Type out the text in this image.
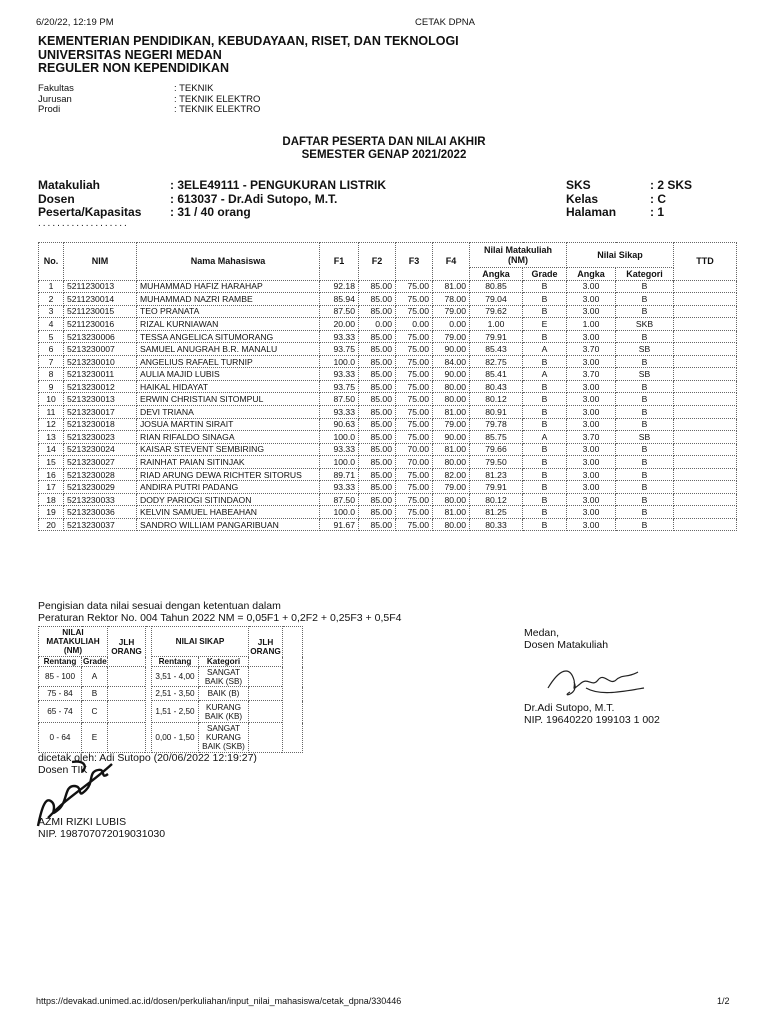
6/20/22, 12:19 PM	CETAK DPNA
KEMENTERIAN PENDIDIKAN, KEBUDAYAAN, RISET, DAN TEKNOLOGI
UNIVERSITAS NEGERI MEDAN
REGULER NON KEPENDIDIKAN
Fakultas	: TEKNIK
Jurusan	: TEKNIK ELEKTRO
Prodi	: TEKNIK ELEKTRO
DAFTAR PESERTA DAN NILAI AKHIR
SEMESTER GENAP 2021/2022
Matakuliah	: 3ELE49111 - PENGUKURAN LISTRIK
Dosen	: 613037 - Dr.Adi Sutopo, M.T.
Peserta/Kapasitas	: 31 / 40 orang
SKS	: 2 SKS
Kelas	: C
Halaman	: 1
...................
No.	NIM	Nama Mahasiswa	F1	F2	F3	F4	Nilai Matakuliah (NM)		Nilai Sikap		TTD
							Angka	Grade	Angka	Kategori	
1	5211230013	MUHAMMAD HAFIZ HARAHAP	92.18	85.00	75.00	81.00	80.85	B	3.00	B	
2	5211230014	MUHAMMAD NAZRI RAMBE	85.94	85.00	75.00	78.00	79.04	B	3.00	B	
3	5211230015	TEO PRANATA	87.50	85.00	75.00	79.00	79.62	B	3.00	B	
4	5211230016	RIZAL KURNIAWAN	20.00	0.00	0.00	0.00	1.00	E	1.00	SKB	
5	5213230006	TESSA ANGELICA SITUMORANG	93.33	85.00	75.00	79.00	79.91	B	3.00	B	
6	5213230007	SAMUEL ANUGRAH B.R. MANALU	93.75	85.00	75.00	90.00	85.43	A	3.70	SB	
7	5213230010	ANGELIUS RAFAEL TURNIP	100.0	85.00	75.00	84.00	82.75	B	3.00	B	
8	5213230011	AULIA MAJID LUBIS	93.33	85.00	75.00	90.00	85.41	A	3.70	SB	
9	5213230012	HAIKAL HIDAYAT	93.75	85.00	75.00	80.00	80.43	B	3.00	B	
10	5213230013	ERWIN CHRISTIAN SITOMPUL	87.50	85.00	75.00	80.00	80.12	B	3.00	B	
11	5213230017	DEVI TRIANA	93.33	85.00	75.00	81.00	80.91	B	3.00	B	
12	5213230018	JOSUA MARTIN SIRAIT	90.63	85.00	75.00	79.00	79.78	B	3.00	B	
13	5213230023	RIAN RIFALDO SINAGA	100.0	85.00	75.00	90.00	85.75	A	3.70	SB	
14	5213230024	KAISAR STEVENT SEMBIRING	93.33	85.00	70.00	81.00	79.66	B	3.00	B	
15	5213230027	RAINHAT PAIAN SITINJAK	100.0	85.00	70.00	80.00	79.50	B	3.00	B	
16	5213230028	RIAD ARUNG DEWA RICHTER SITORUS	89.71	85.00	75.00	82.00	81.23	B	3.00	B	
17	5213230029	ANDIRA PUTRI PADANG	93.33	85.00	75.00	79.00	79.91	B	3.00	B	
18	5213230033	DODY PARIOGI SITINDAON	87.50	85.00	75.00	80.00	80.12	B	3.00	B	
19	5213230036	KELVIN SAMUEL HABEAHAN	100.0	85.00	75.00	81.00	81.25	B	3.00	B	
20	5213230037	SANDRO WILLIAM PANGARIBUAN	91.67	85.00	75.00	80.00	80.33	B	3.00	B	
Pengisian data nilai sesuai dengan ketentuan dalam
Peraturan Rektor No. 004 Tahun 2022 NM = 0,05F1 + 0,2F2 + 0,25F3 + 0,5F4
NILAI MATAKULIAH (NM)		JLH ORANG		NILAI SIKAP		JLH ORANG	
Rentang	Grade			Rentang	Kategori		
85 - 100	A			3,51 - 4,00	SANGAT BAIK (SB)		
75 - 84	B			2,51 - 3,50	BAIK (B)		
65 - 74	C			1,51 - 2,50	KURANG BAIK (KB)		
0 - 64	E			0,00 - 1,50	SANGAT KURANG BAIK (SKB)		
Medan,
Dosen Matakuliah
Dr.Adi Sutopo, M.T.
NIP. 19640220 199103 1 002
dicetak oleh: Adi Sutopo (20/06/2022 12:19:27)
Dosen TIK
AZMI RIZKI LUBIS
NIP. 198707072019031030
https://devakad.unimed.ac.id/dosen/perkuliahan/input_nilai_mahasiswa/cetak_dpna/330446	1/2
